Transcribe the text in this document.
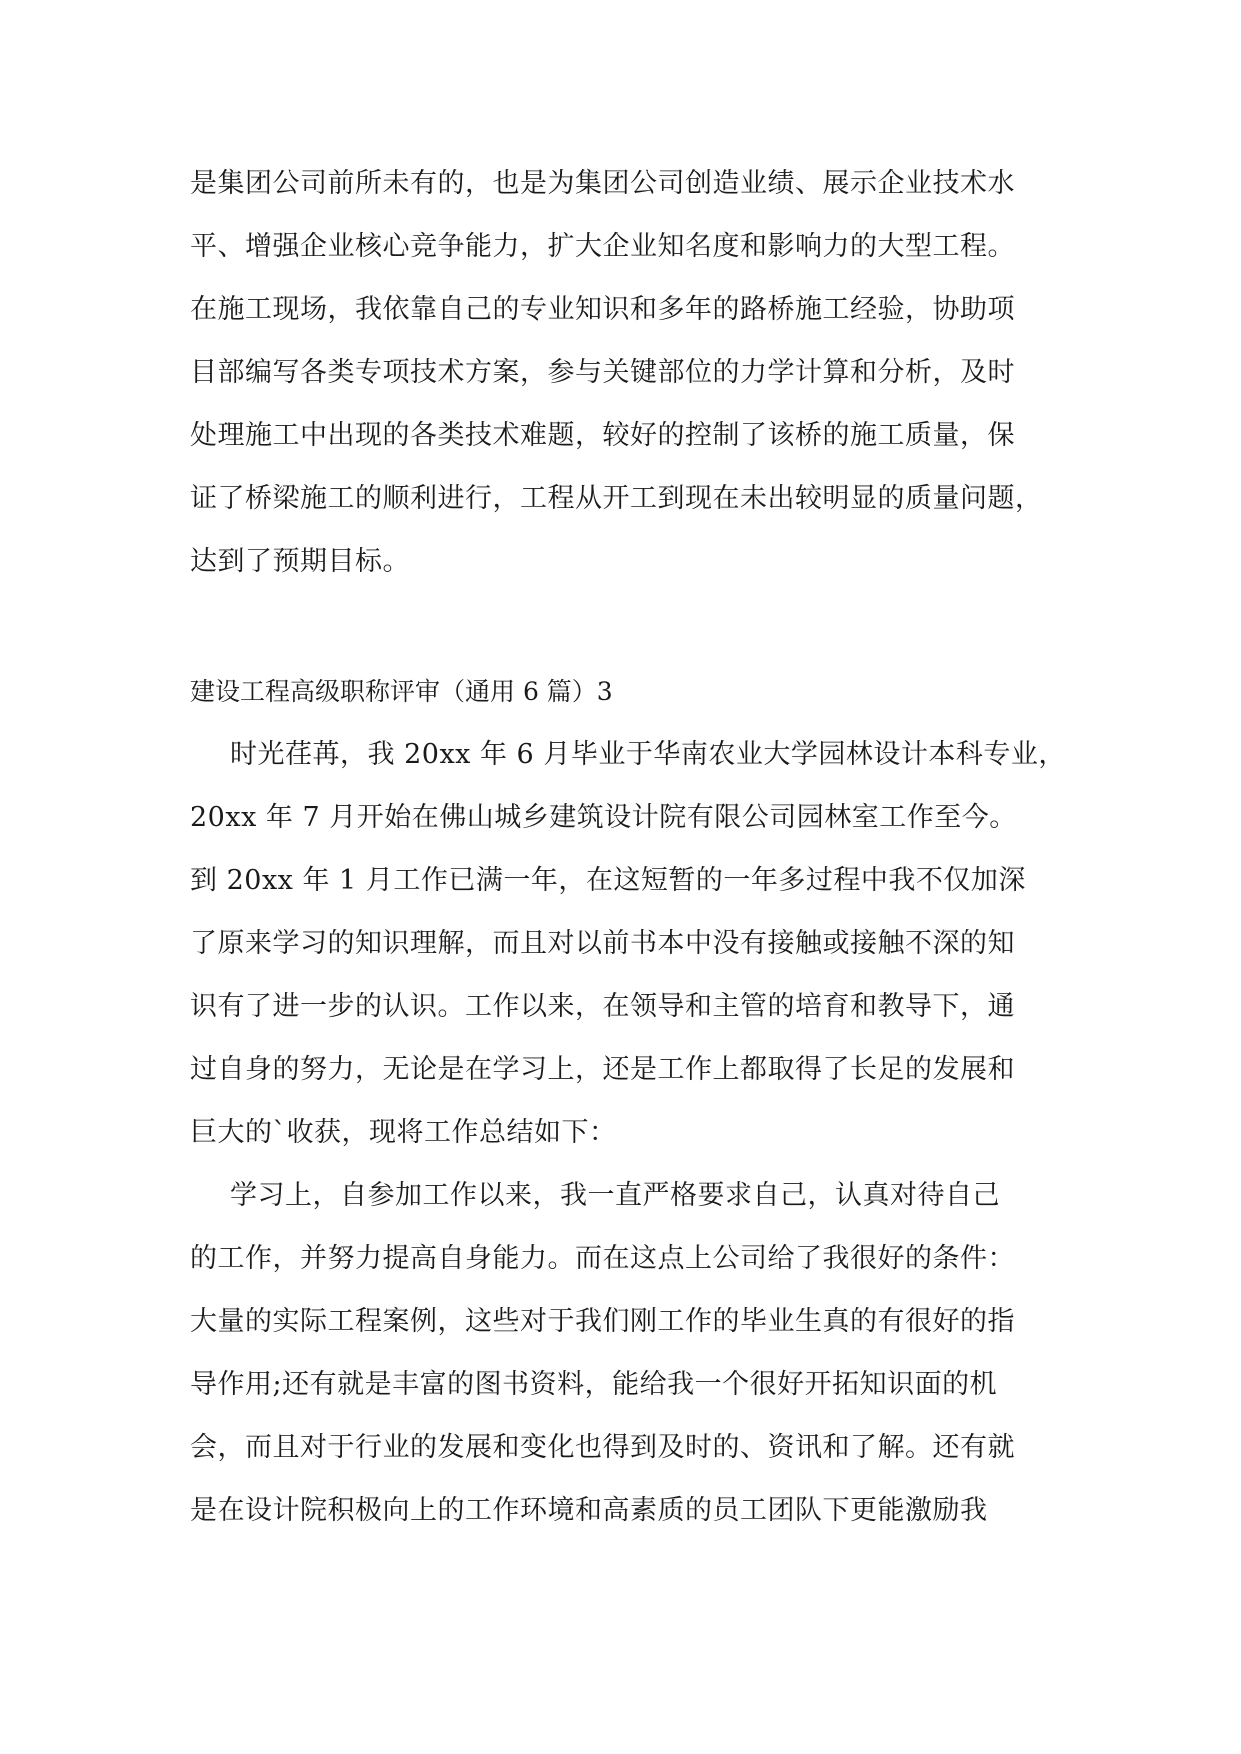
是集团公司前所未有的，也是为集团公司创造业绩、展示企业技术水
平、增强企业核心竞争能力，扩大企业知名度和影响力的大型工程。
在施工现场，我依靠自己的专业知识和多年的路桥施工经验，协助项
目部编写各类专项技术方案，参与关键部位的力学计算和分析，及时
处理施工中出现的各类技术难题，较好的控制了该桥的施工质量，保
证了桥梁施工的顺利进行，工程从开工到现在未出较明显的质量问题，
达到了预期目标。
建设工程高级职称评审（通用 6 篇）3
时光荏苒，我 20xx 年 6 月毕业于华南农业大学园林设计本科专业，
20xx 年 7 月开始在佛山城乡建筑设计院有限公司园林室工作至今。
到 20xx 年 1 月工作已满一年，在这短暂的一年多过程中我不仅加深
了原来学习的知识理解，而且对以前书本中没有接触或接触不深的知
识有了进一步的认识。工作以来，在领导和主管的培育和教导下，通
过自身的努力，无论是在学习上，还是工作上都取得了长足的发展和
巨大的`收获，现将工作总结如下：
学习上，自参加工作以来，我一直严格要求自己，认真对待自己
的工作，并努力提高自身能力。而在这点上公司给了我很好的条件：
大量的实际工程案例，这些对于我们刚工作的毕业生真的有很好的指
导作用;还有就是丰富的图书资料，能给我一个很好开拓知识面的机
会，而且对于行业的发展和变化也得到及时的、资讯和了解。还有就
是在设计院积极向上的工作环境和高素质的员工团队下更能激励我
